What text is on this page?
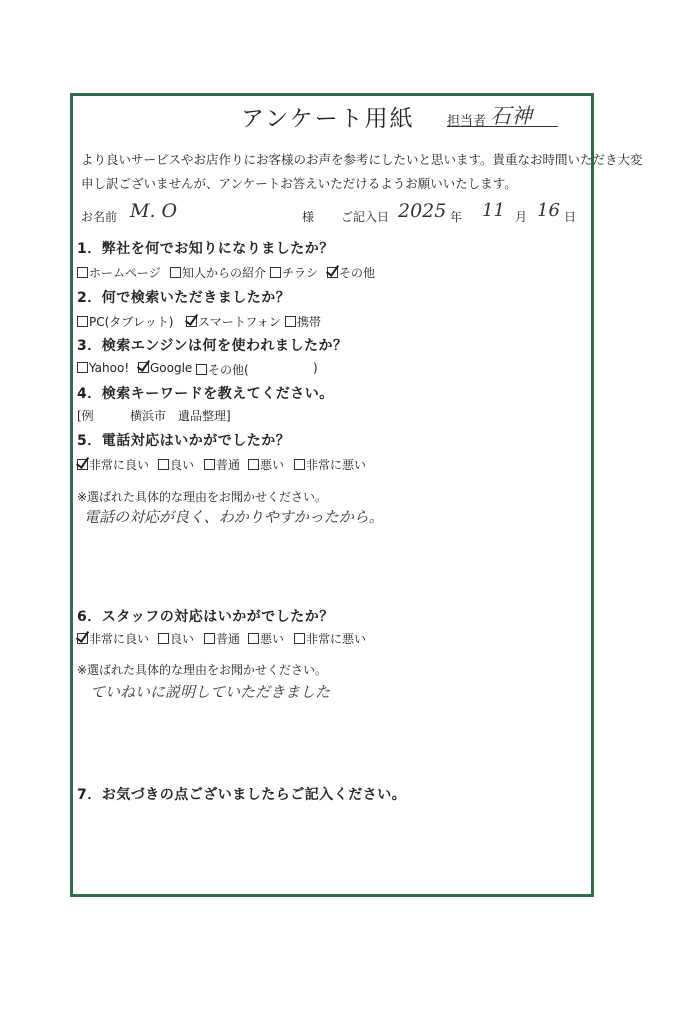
アンケート用紙 担当者 石神
より良いサービスやお店作りにお客様のお声を参考にしたいと思います。貴重なお時間いただき大変
申し訳ございませんが、アンケートお答えいただけるようお願いいたします。
お名前 M. O	様 ご記入日 2025 年 11 月 16 日
1．弊社を何でお知りになりましたか？
ホームページ	知人からの紹介	チラシ	その他
2．何で検索いただきましたか？
PC(タブレット)	スマートフォン	携帯
3．検索エンジンは何を使われましたか？
Yahoo!	Google	その他(	)
4．検索キーワードを教えてください。
[例	横浜市　遺品整理]
5．電話対応はいかがでしたか？
非常に良い	良い	普通	悪い	非常に悪い
※選ばれた具体的な理由をお聞かせください。
電話の対応が良く、わかりやすかったから。
6．スタッフの対応はいかがでしたか？
非常に良い	良い	普通	悪い	非常に悪い
※選ばれた具体的な理由をお聞かせください。
ていねいに説明していただきました
7．お気づきの点ございましたらご記入ください。
